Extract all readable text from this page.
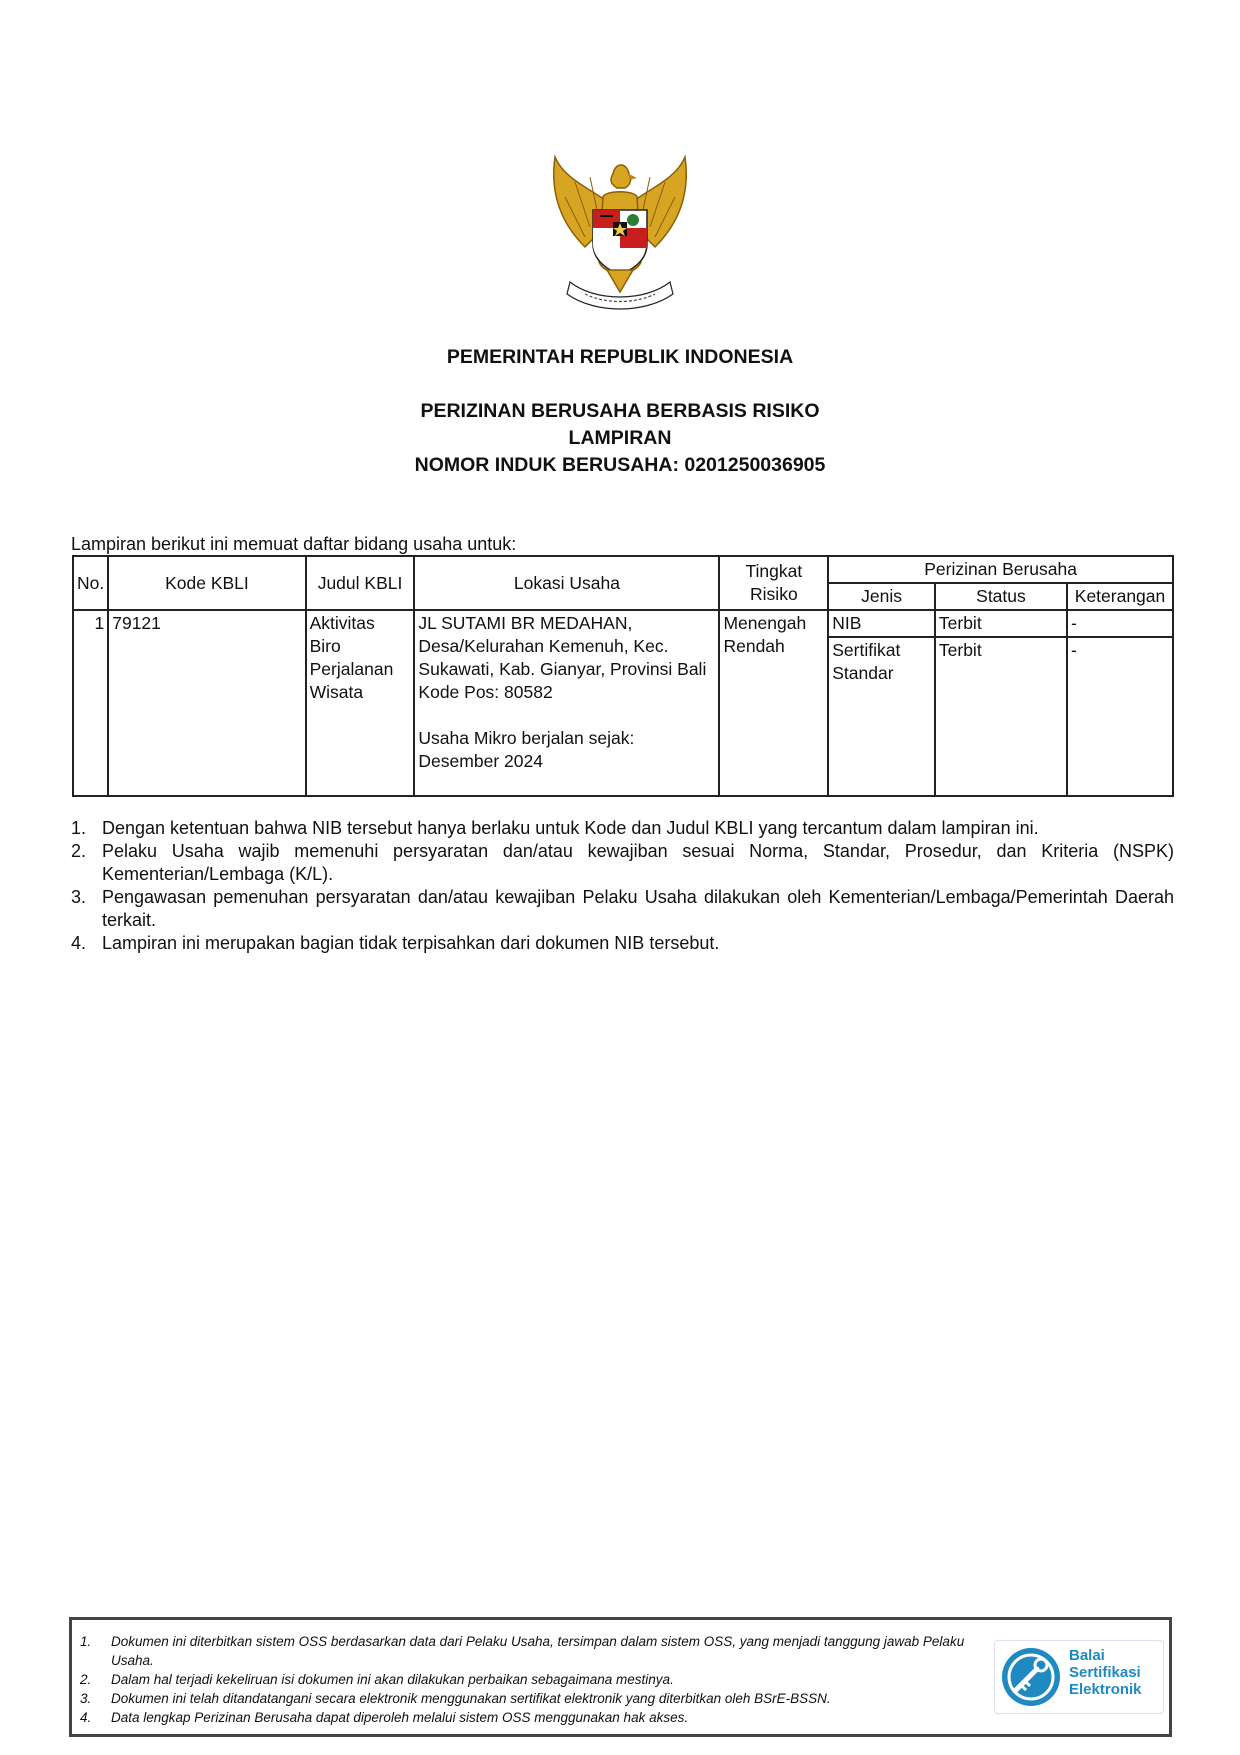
PEMERINTAH REPUBLIK INDONESIA
PERIZINAN BERUSAHA BERBASIS RISIKO
LAMPIRAN
NOMOR INDUK BERUSAHA: 0201250036905
Lampiran berikut ini memuat daftar bidang usaha untuk:
No.	Kode KBLI	Judul KBLI	Lokasi Usaha	Tingkat Risiko	Perizinan Berusaha		
					Jenis	Status	Keterangan
1	79121	Aktivitas Biro Perjalanan Wisata	JL SUTAMI BR MEDAHAN, Desa/Kelurahan Kemenuh, Kec. Sukawati, Kab. Gianyar, Provinsi Bali
Kode Pos: 80582
Usaha Mikro berjalan sejak: Desember 2024	Menengah Rendah	NIB	Terbit	-
					Sertifikat Standar	Terbit	-
1. Dengan ketentuan bahwa NIB tersebut hanya berlaku untuk Kode dan Judul KBLI yang tercantum dalam lampiran ini.
2. Pelaku Usaha wajib memenuhi persyaratan dan/atau kewajiban sesuai Norma, Standar, Prosedur, dan Kriteria (NSPK) Kementerian/Lembaga (K/L).
3. Pengawasan pemenuhan persyaratan dan/atau kewajiban Pelaku Usaha dilakukan oleh Kementerian/Lembaga/Pemerintah Daerah terkait.
4. Lampiran ini merupakan bagian tidak terpisahkan dari dokumen NIB tersebut.
1.	Dokumen ini diterbitkan sistem OSS berdasarkan data dari Pelaku Usaha, tersimpan dalam sistem OSS, yang menjadi tanggung jawab Pelaku Usaha.
2.	Dalam hal terjadi kekeliruan isi dokumen ini akan dilakukan perbaikan sebagaimana mestinya.
3.	Dokumen ini telah ditandatangani secara elektronik menggunakan sertifikat elektronik yang diterbitkan oleh BSrE-BSSN.
4.	Data lengkap Perizinan Berusaha dapat diperoleh melalui sistem OSS menggunakan hak akses.
Balai
Sertifikasi
Elektronik
